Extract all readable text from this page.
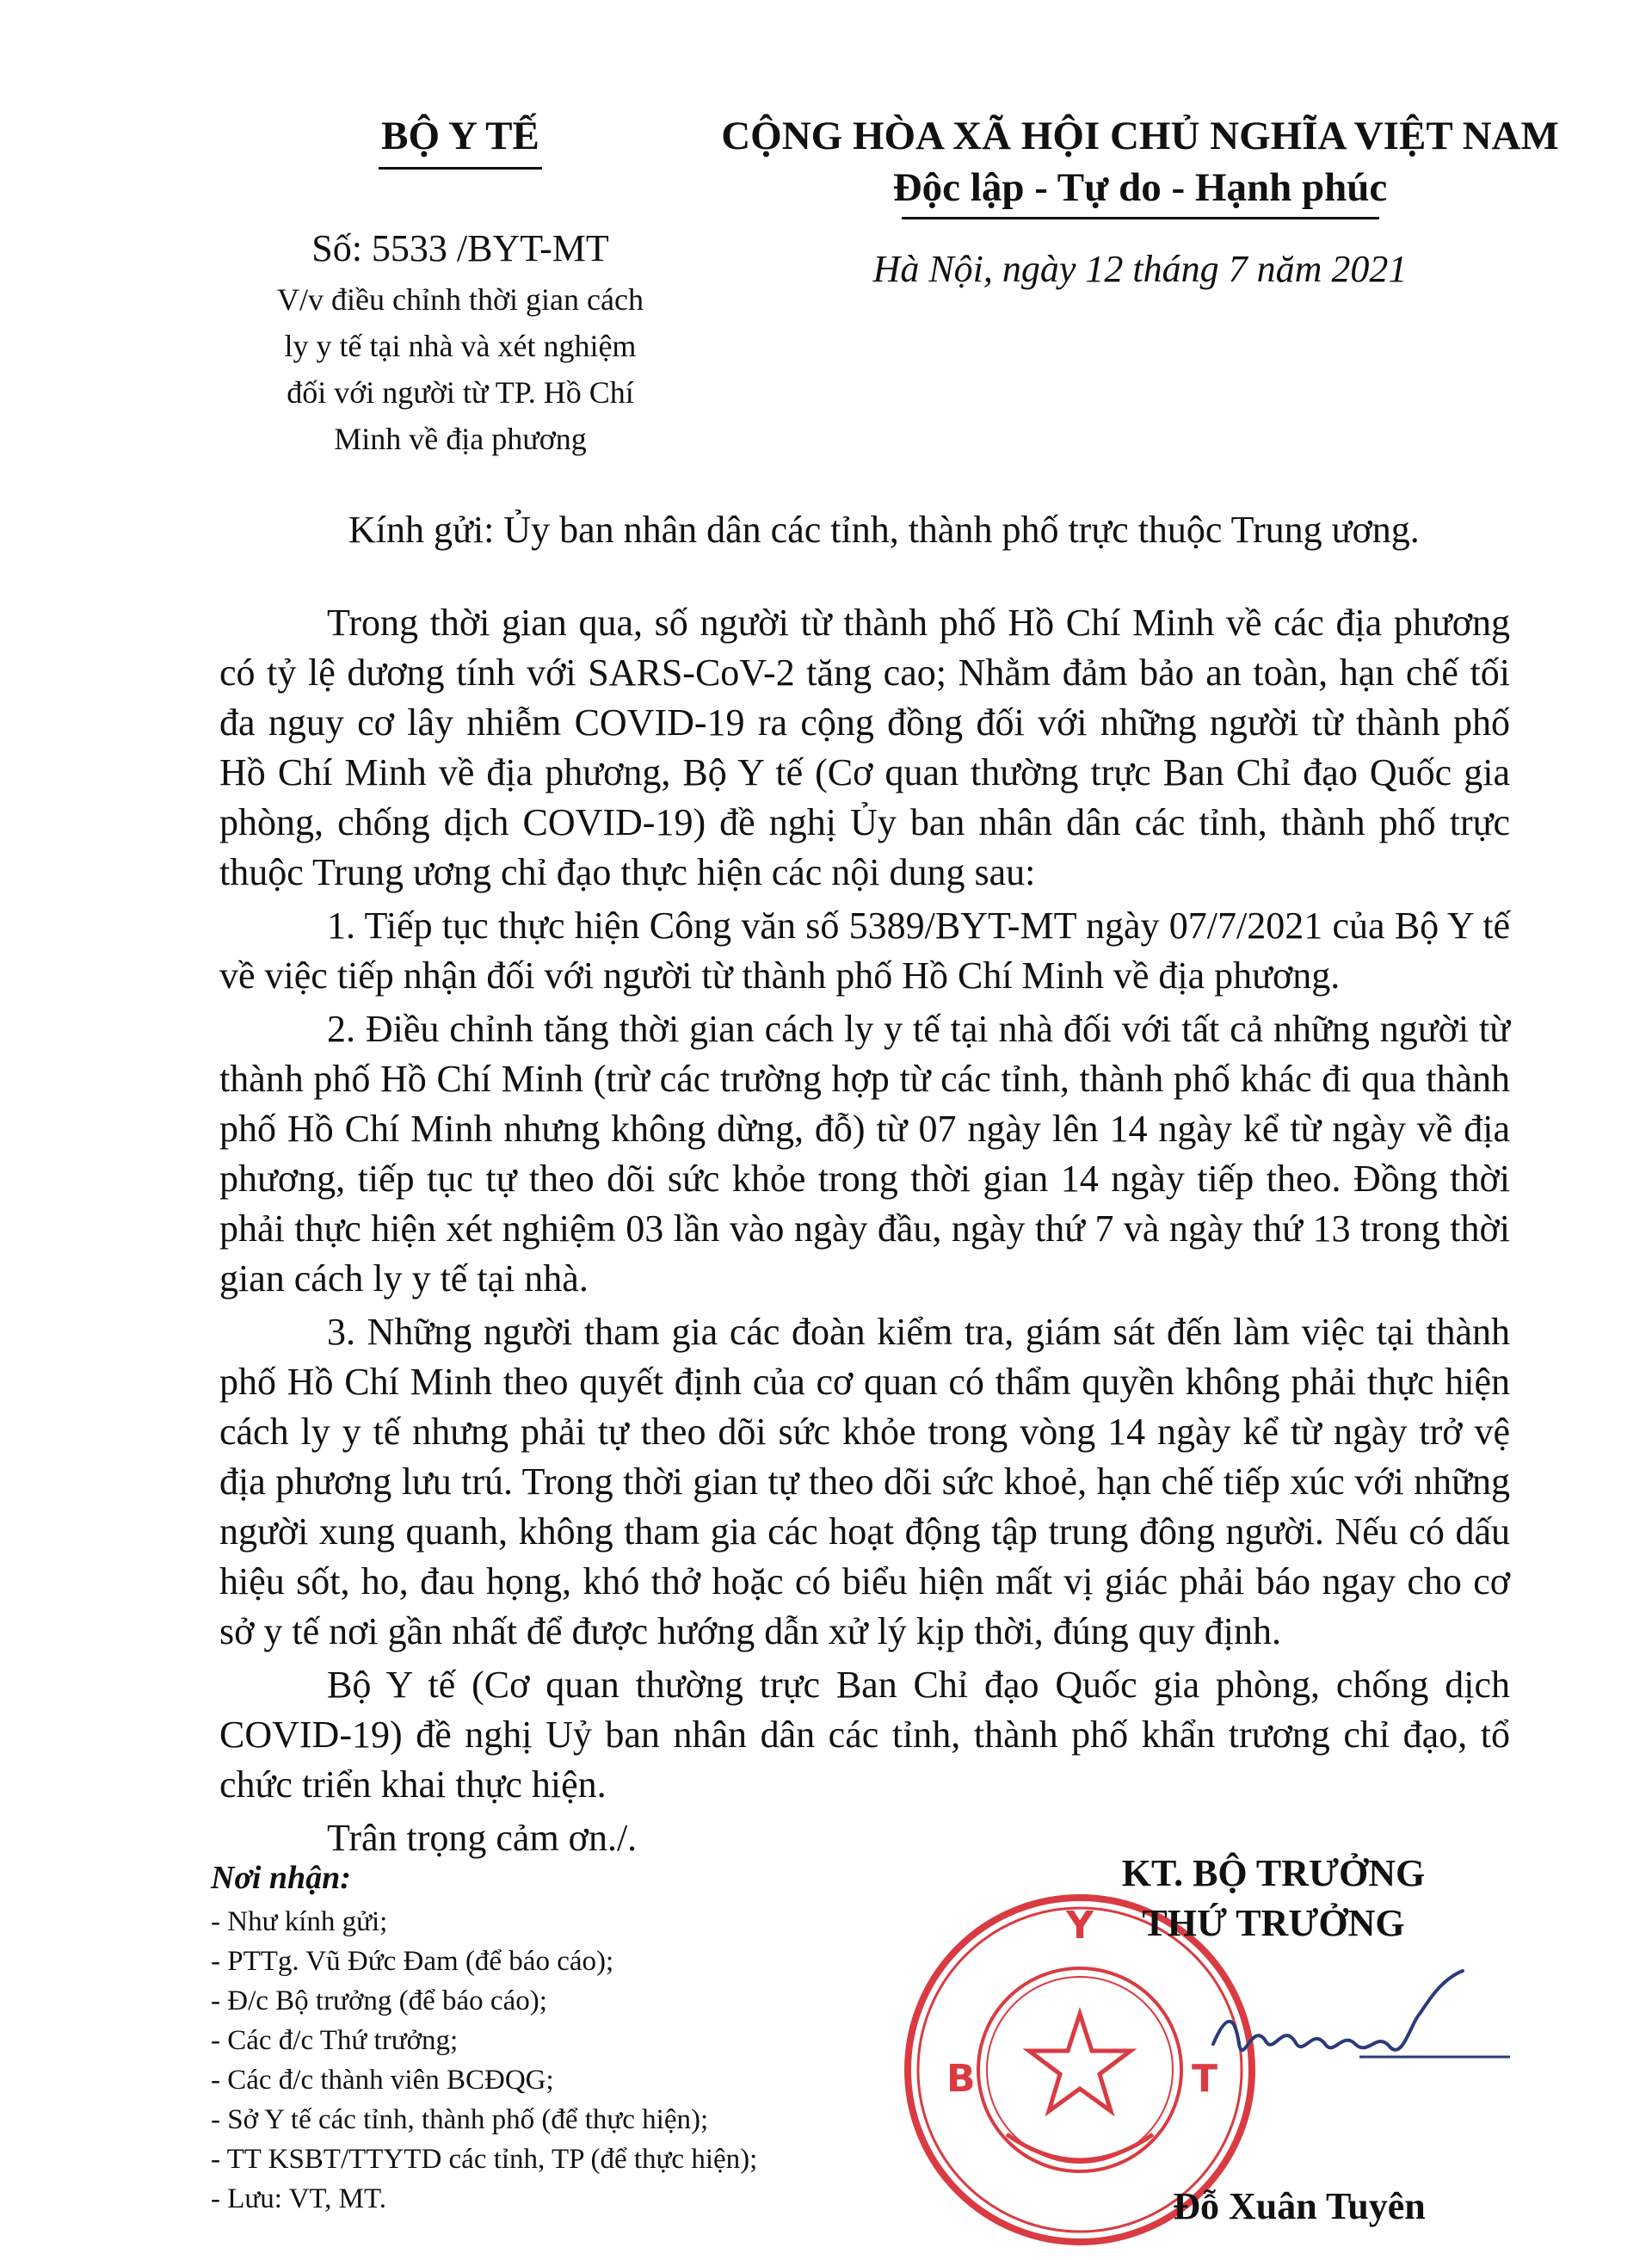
BỘ Y TẾ
Số: 5533 /BYT-MT
V/v điều chỉnh thời gian cách
ly y tế tại nhà và xét nghiệm
đối với người từ TP. Hồ Chí
Minh về địa phương
CỘNG HÒA XÃ HỘI CHỦ NGHĨA VIỆT NAM
Độc lập - Tự do - Hạnh phúc
Hà Nội, ngày 12 tháng 7 năm 2021
Kính gửi: Ủy ban nhân dân các tỉnh, thành phố trực thuộc Trung ương.

Trong thời gian qua, số người từ thành phố Hồ Chí Minh về các địa phương có tỷ lệ dương tính với SARS-CoV-2 tăng cao; Nhằm đảm bảo an toàn, hạn chế tối đa nguy cơ lây nhiễm COVID-19 ra cộng đồng đối với những người từ thành phố Hồ Chí Minh về địa phương, Bộ Y tế (Cơ quan thường trực Ban Chỉ đạo Quốc gia phòng, chống dịch COVID-19) đề nghị Ủy ban nhân dân các tỉnh, thành phố trực thuộc Trung ương chỉ đạo thực hiện các nội dung sau:

1. Tiếp tục thực hiện Công văn số 5389/BYT-MT ngày 07/7/2021 của Bộ Y tế về việc tiếp nhận đối với người từ thành phố Hồ Chí Minh về địa phương.

2. Điều chỉnh tăng thời gian cách ly y tế tại nhà đối với tất cả những người từ thành phố Hồ Chí Minh (trừ các trường hợp từ các tỉnh, thành phố khác đi qua thành phố Hồ Chí Minh nhưng không dừng, đỗ) từ 07 ngày lên 14 ngày kể từ ngày về địa phương, tiếp tục tự theo dõi sức khỏe trong thời gian 14 ngày tiếp theo. Đồng thời phải thực hiện xét nghiệm 03 lần vào ngày đầu, ngày thứ 7 và ngày thứ 13 trong thời gian cách ly y tế tại nhà.

3. Những người tham gia các đoàn kiểm tra, giám sát đến làm việc tại thành phố Hồ Chí Minh theo quyết định của cơ quan có thẩm quyền không phải thực hiện cách ly y tế nhưng phải tự theo dõi sức khỏe trong vòng 14 ngày kể từ ngày trở vệ địa phương lưu trú. Trong thời gian tự theo dõi sức khoẻ, hạn chế tiếp xúc với những người xung quanh, không tham gia các hoạt động tập trung đông người. Nếu có dấu hiệu sốt, ho, đau họng, khó thở hoặc có biểu hiện mất vị giác phải báo ngay cho cơ sở y tế nơi gần nhất để được hướng dẫn xử lý kịp thời, đúng quy định.

Bộ Y tế (Cơ quan thường trực Ban Chỉ đạo Quốc gia phòng, chống dịch COVID-19) đề nghị Uỷ ban nhân dân các tỉnh, thành phố khẩn trương chỉ đạo, tổ chức triển khai thực hiện.

Trân trọng cảm ơn./.

Nơi nhận:
- Như kính gửi;
- PTTg. Vũ Đức Đam (để báo cáo);
- Đ/c Bộ trưởng (để báo cáo);
- Các đ/c Thứ trưởng;
- Các đ/c thành viên BCĐQG;
- Sở Y tế các tỉnh, thành phố (để thực hiện);
- TT KSBT/TTYTD các tỉnh, TP (để thực hiện);
- Lưu: VT, MT.
Y
B	T
KT. BỘ TRƯỞNG
THỨ TRƯỞNG
Đỗ Xuân Tuyên
